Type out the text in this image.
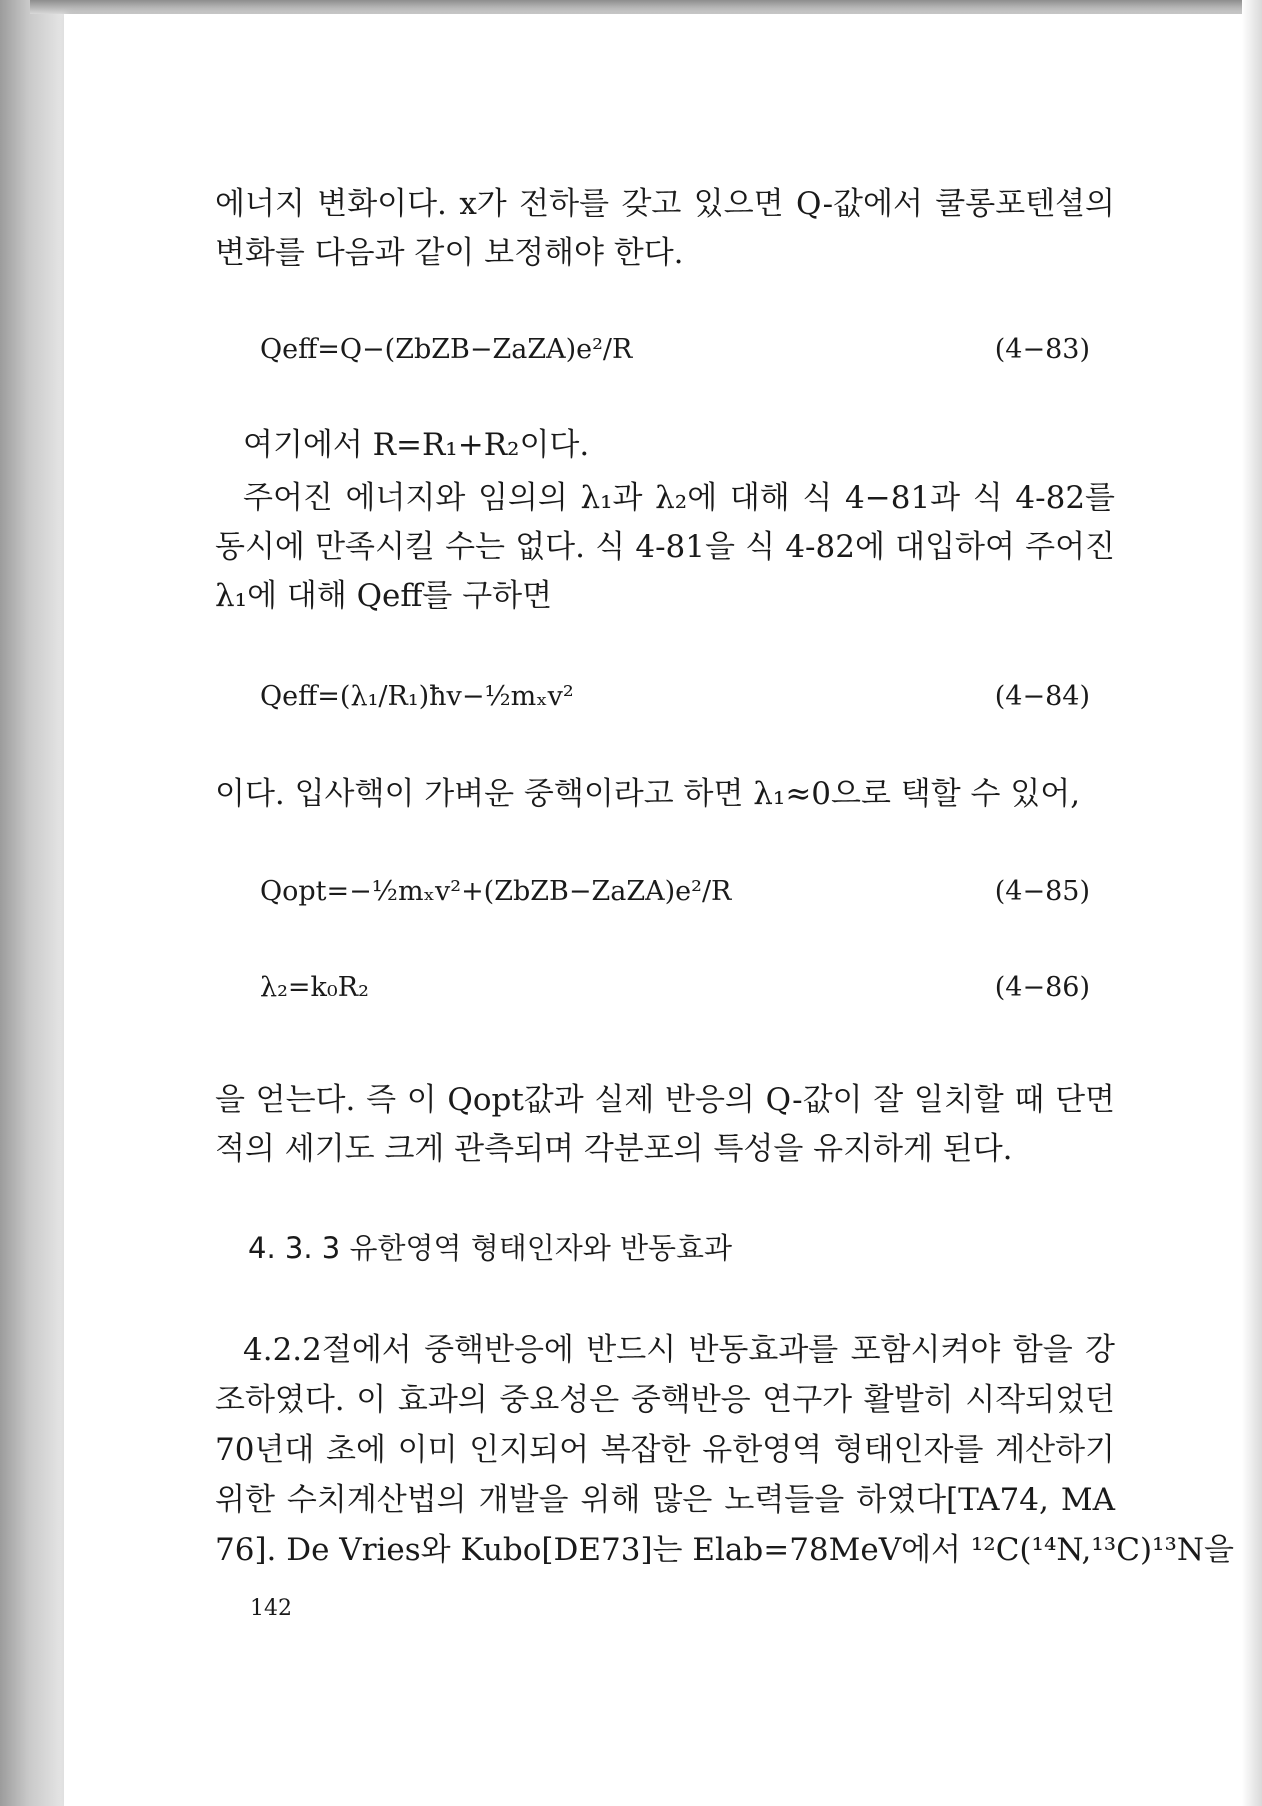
에너지 변화이다. x가 전하를 갖고 있으면 Q-값에서 쿨롱포텐셜의

변화를 다음과 같이 보정해야 한다.

Qeff=Q−(ZbZB−ZaZA)e²/R	(4−83)

여기에서 R=R₁+R₂이다.

주어진 에너지와 임의의 λ₁과 λ₂에 대해 식 4−81과 식 4-82를

동시에 만족시킬 수는 없다. 식 4-81을 식 4-82에 대입하여 주어진

λ₁에 대해 Qeff를 구하면

Qeff=(λ₁/R₁)ħv−½mₓv²	(4−84)

이다. 입사핵이 가벼운 중핵이라고 하면 λ₁≈0으로 택할 수 있어,

Qopt=−½mₓv²+(ZbZB−ZaZA)e²/R	(4−85)
λ₂=k₀R₂	(4−86)

을 얻는다. 즉 이 Qopt값과 실제 반응의 Q-값이 잘 일치할 때 단면

적의 세기도 크게 관측되며 각분포의 특성을 유지하게 된다.

4. 3. 3 유한영역 형태인자와 반동효과

4.2.2절에서 중핵반응에 반드시 반동효과를 포함시켜야 함을 강

조하였다. 이 효과의 중요성은 중핵반응 연구가 활발히 시작되었던

70년대 초에 이미 인지되어 복잡한 유한영역 형태인자를 계산하기

위한 수치계산법의 개발을 위해 많은 노력들을 하였다[TA74, MA

76]. De Vries와 Kubo[DE73]는 Elab=78MeV에서 ¹²C(¹⁴N,¹³C)¹³N을

142
